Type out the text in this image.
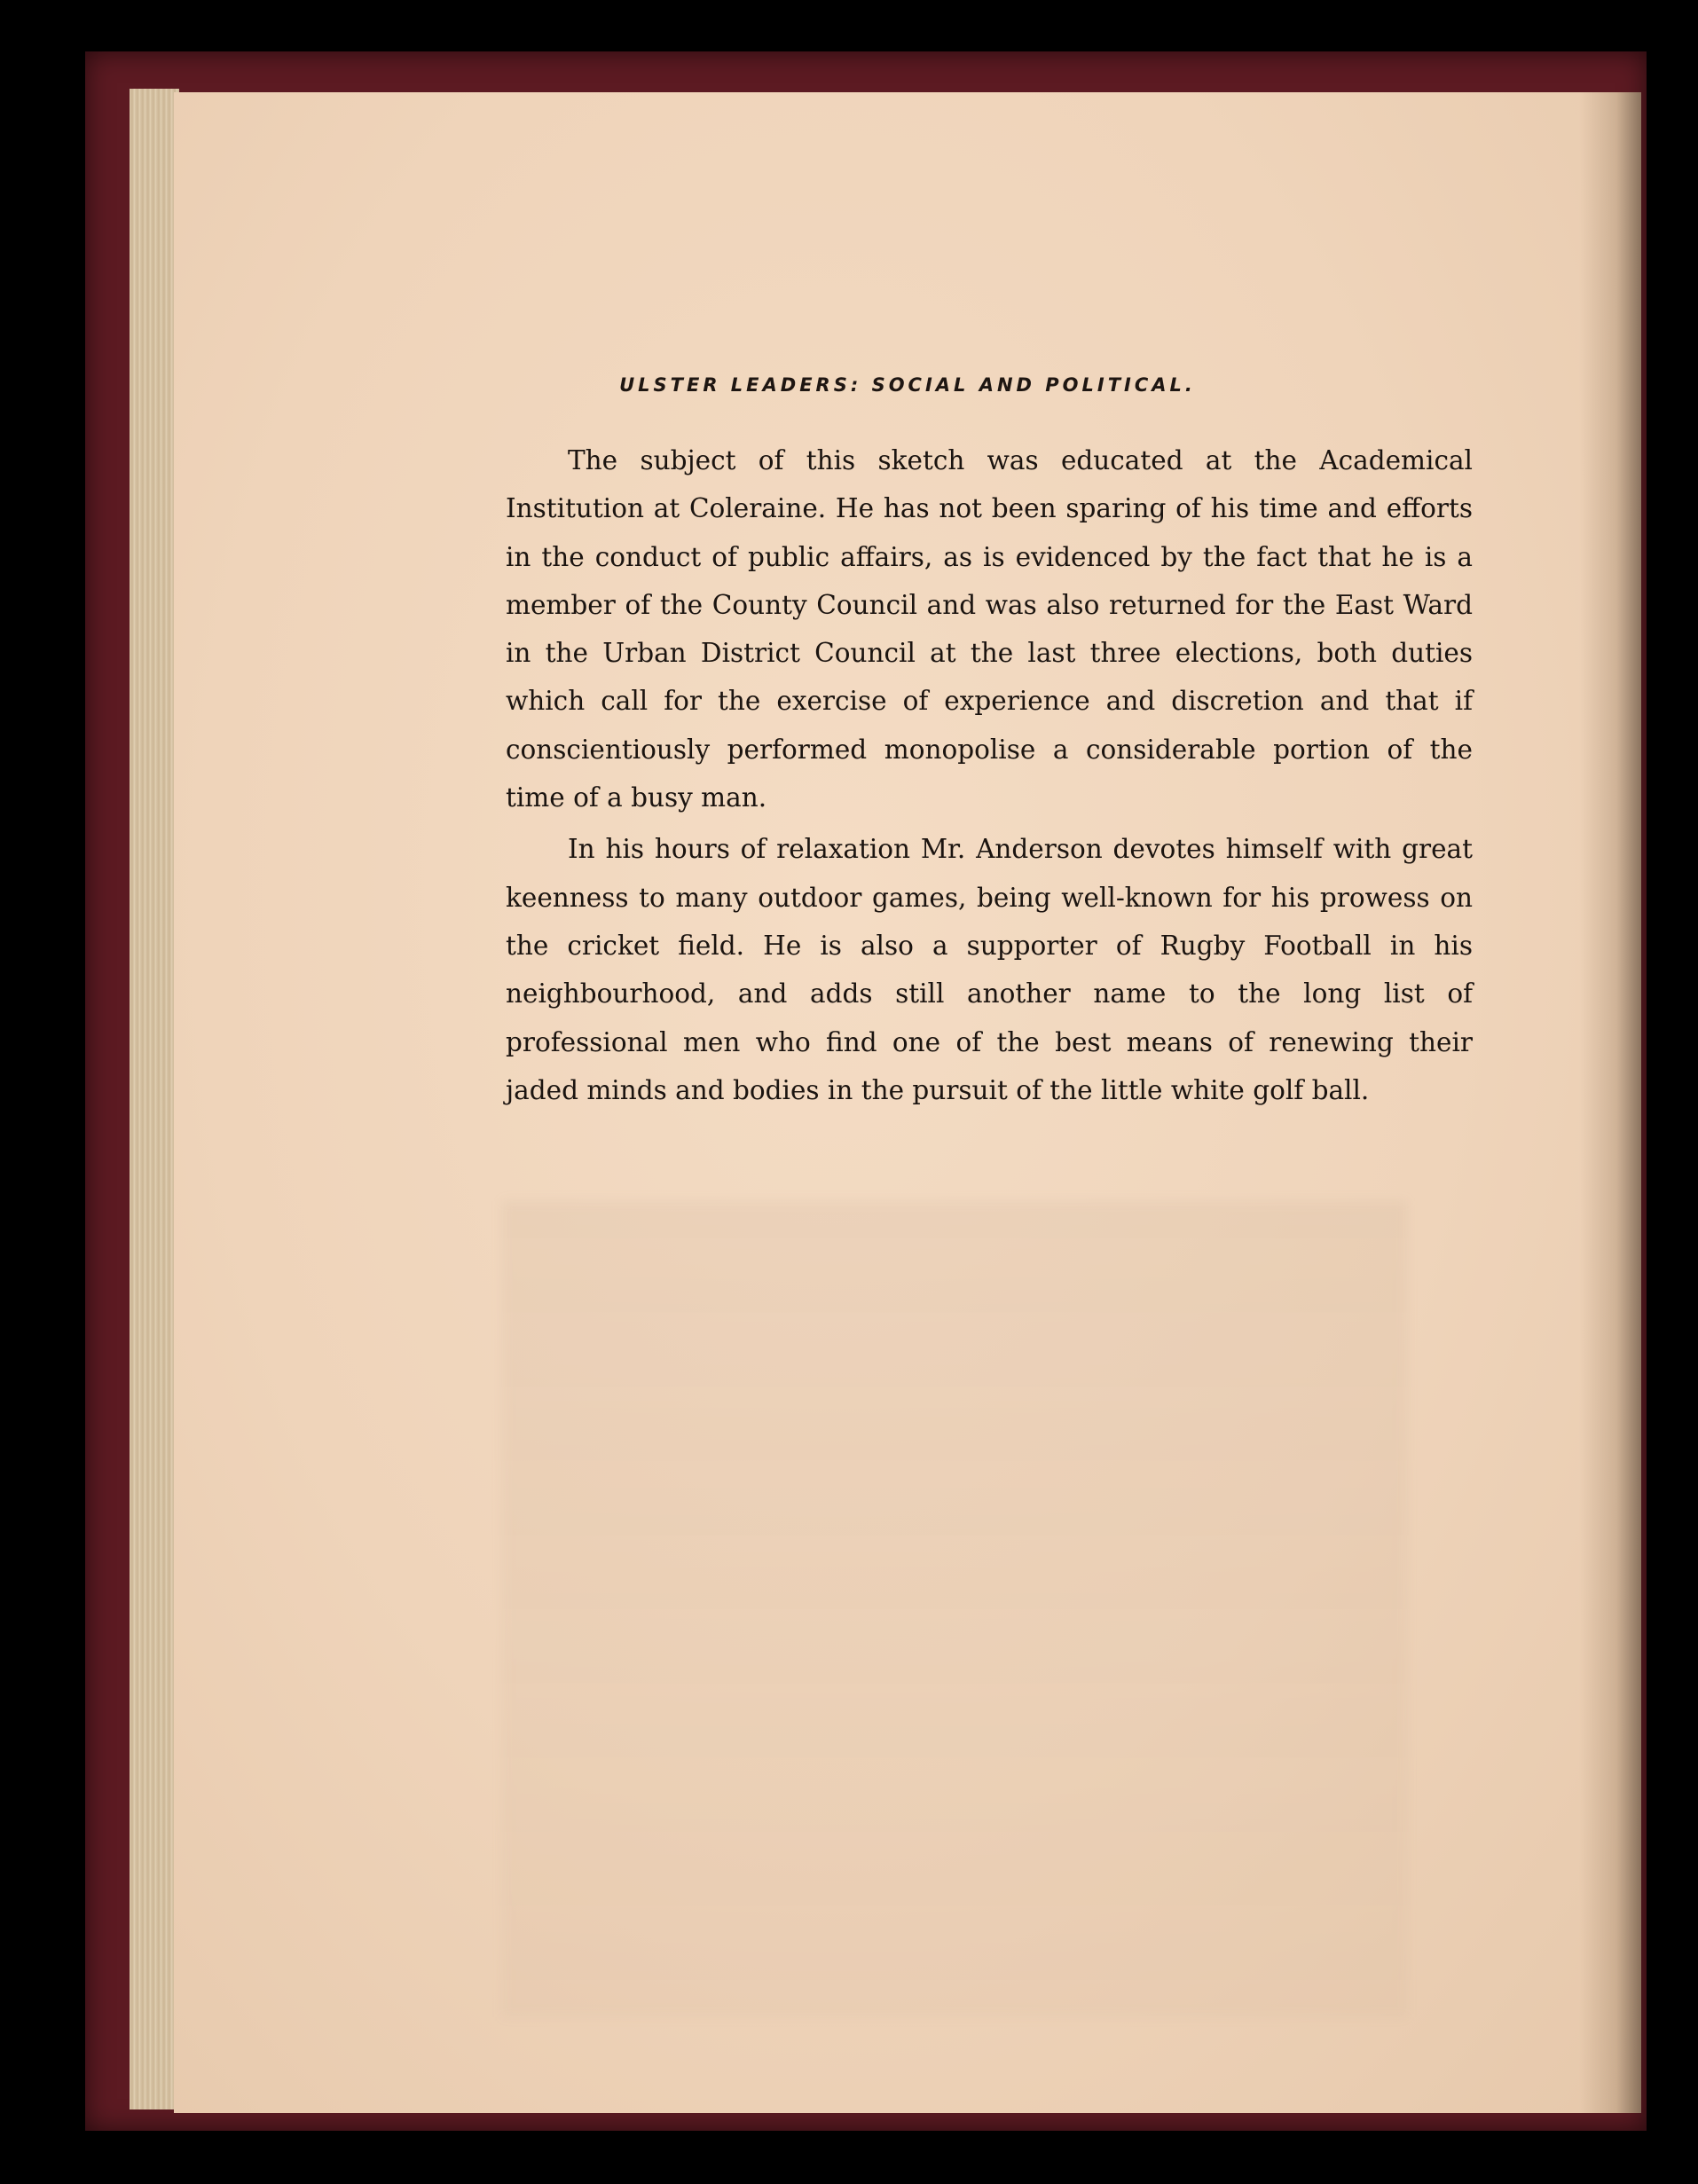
ULSTER LEADERS: SOCIAL AND POLITICAL.

The subject of this sketch was educated at the Academical Institution at Coleraine. He has not been sparing of his time and efforts in the conduct of public affairs, as is evidenced by the fact that he is a member of the County Council and was also returned for the East Ward in the Urban District Council at the last three elections, both duties which call for the exercise of experience and discretion and that if conscientiously performed monopolise a considerable portion of the time of a busy man.

In his hours of relaxation Mr. Anderson devotes himself with great keenness to many outdoor games, being well-known for his prowess on the cricket field. He is also a supporter of Rugby Football in his neighbourhood, and adds still another name to the long list of professional men who find one of the best means of renewing their jaded minds and bodies in the pursuit of the little white golf ball.
